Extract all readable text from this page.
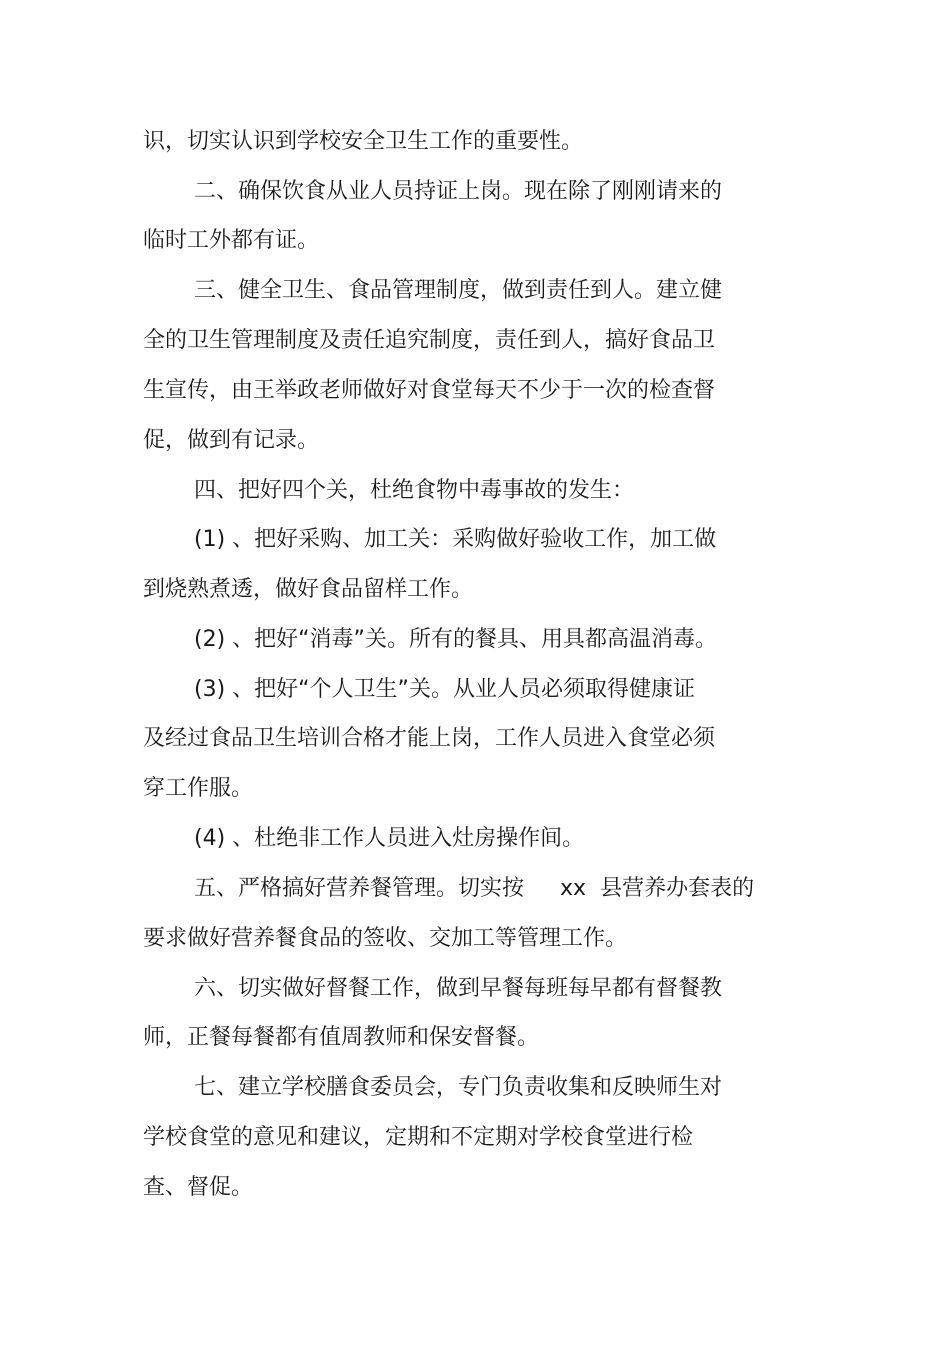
识，切实认识到学校安全卫生工作的重要性。
二、确保饮食从业人员持证上岗。现在除了刚刚请来的
临时工外都有证。
三、健全卫生、食品管理制度，做到责任到人。建立健
全的卫生管理制度及责任追究制度，责任到人，搞好食品卫
生宣传，由王举政老师做好对食堂每天不少于一次的检查督
促，做到有记录。
四、把好四个关，杜绝食物中毒事故的发生：
(1) 、把好采购、加工关：采购做好验收工作，加工做
到烧熟煮透，做好食品留样工作。
(2) 、把好“消毒”关。所有的餐具、用具都高温消毒。
(3) 、把好“个人卫生”关。从业人员必须取得健康证
及经过食品卫生培训合格才能上岗，工作人员进入食堂必须
穿工作服。
(4) 、杜绝非工作人员进入灶房操作间。
五、严格搞好营养餐管理。切实按 xx 县营养办套表的
要求做好营养餐食品的签收、交加工等管理工作。
六、切实做好督餐工作，做到早餐每班每早都有督餐教
师，正餐每餐都有值周教师和保安督餐。
七、建立学校膳食委员会，专门负责收集和反映师生对
学校食堂的意见和建议，定期和不定期对学校食堂进行检
查、督促。
